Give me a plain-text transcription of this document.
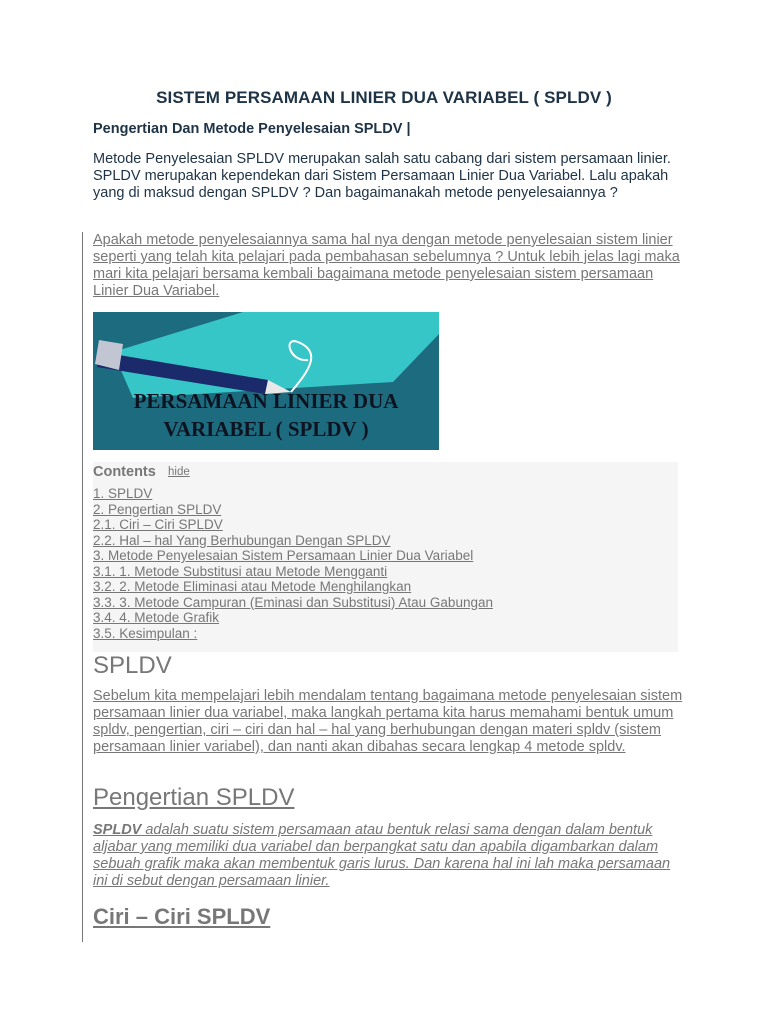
SISTEM PERSAMAAN LINIER DUA VARIABEL ( SPLDV )
Pengertian Dan Metode Penyelesaian SPLDV |

Metode Penyelesaian SPLDV merupakan salah satu cabang dari sistem persamaan linier. SPLDV merupakan kependekan dari Sistem Persamaan Linier Dua Variabel. Lalu apakah yang di maksud dengan SPLDV ? Dan bagaimanakah metode penyelesaiannya ?

Apakah metode penyelesaiannya sama hal nya dengan metode penyelesaian sistem linier seperti yang telah kita pelajari pada pembahasan sebelumnya ? Untuk lebih jelas lagi maka mari kita pelajari bersama kembali bagaimana metode penyelesaian sistem persamaan Linier Dua Variabel.

PERSAMAAN LINIER DUA
VARIABEL ( SPLDV )
Contents hide
1. SPLDV
2. Pengertian SPLDV
2.1. Ciri – Ciri SPLDV
2.2. Hal – hal Yang Berhubungan Dengan SPLDV
3. Metode Penyelesaian Sistem Persamaan Linier Dua Variabel
3.1. 1. Metode Substitusi atau Metode Mengganti
3.2. 2. Metode Eliminasi atau Metode Menghilangkan
3.3. 3. Metode Campuran (Eminasi dan Substitusi) Atau Gabungan
3.4. 4. Metode Grafik
3.5. Kesimpulan :
SPLDV

Sebelum kita mempelajari lebih mendalam tentang bagaimana metode penyelesaian sistem persamaan linier dua variabel, maka langkah pertama kita harus memahami bentuk umum spldv, pengertian, ciri – ciri dan hal – hal yang berhubungan dengan materi spldv (sistem persamaan linier variabel), dan nanti akan dibahas secara lengkap 4 metode spldv.

Pengertian SPLDV

SPLDV adalah suatu sistem persamaan atau bentuk relasi sama dengan dalam bentuk aljabar yang memiliki dua variabel dan berpangkat satu dan apabila digambarkan dalam sebuah grafik maka akan membentuk garis lurus. Dan karena hal ini lah maka persamaan ini di sebut dengan persamaan linier.

Ciri – Ciri SPLDV
